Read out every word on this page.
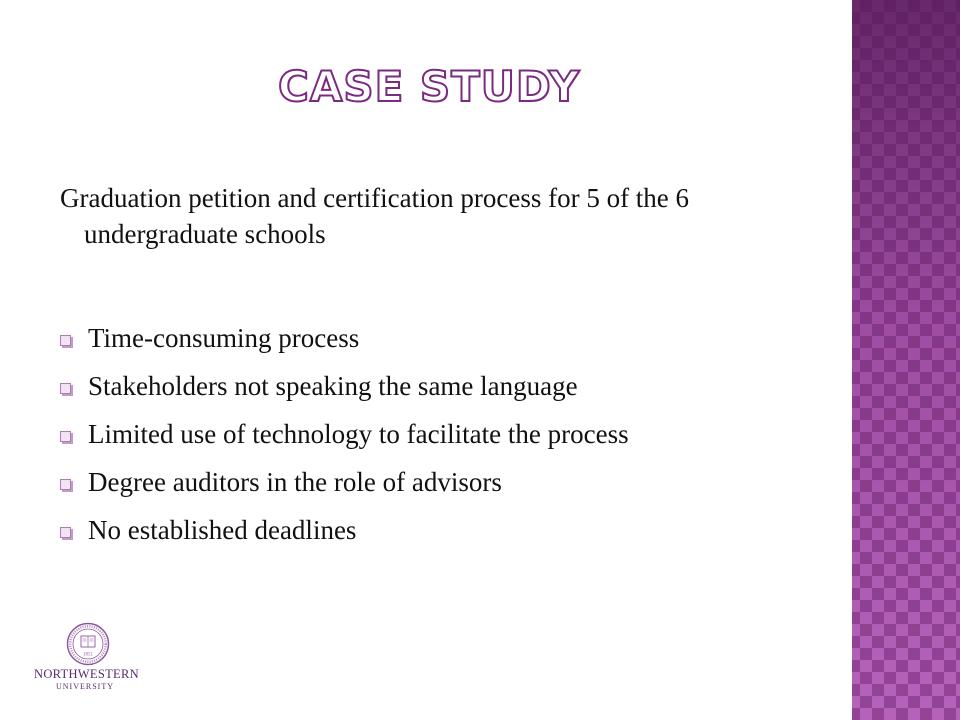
CASE STUDY
Graduation petition and certification process for 5 of the 6 undergraduate schools
Time-consuming process
Stakeholders not speaking the same language
Limited use of technology to facilitate the process
Degree auditors in the role of advisors
No established deadlines
1851
NORTHWESTERN
UNIVERSITY
